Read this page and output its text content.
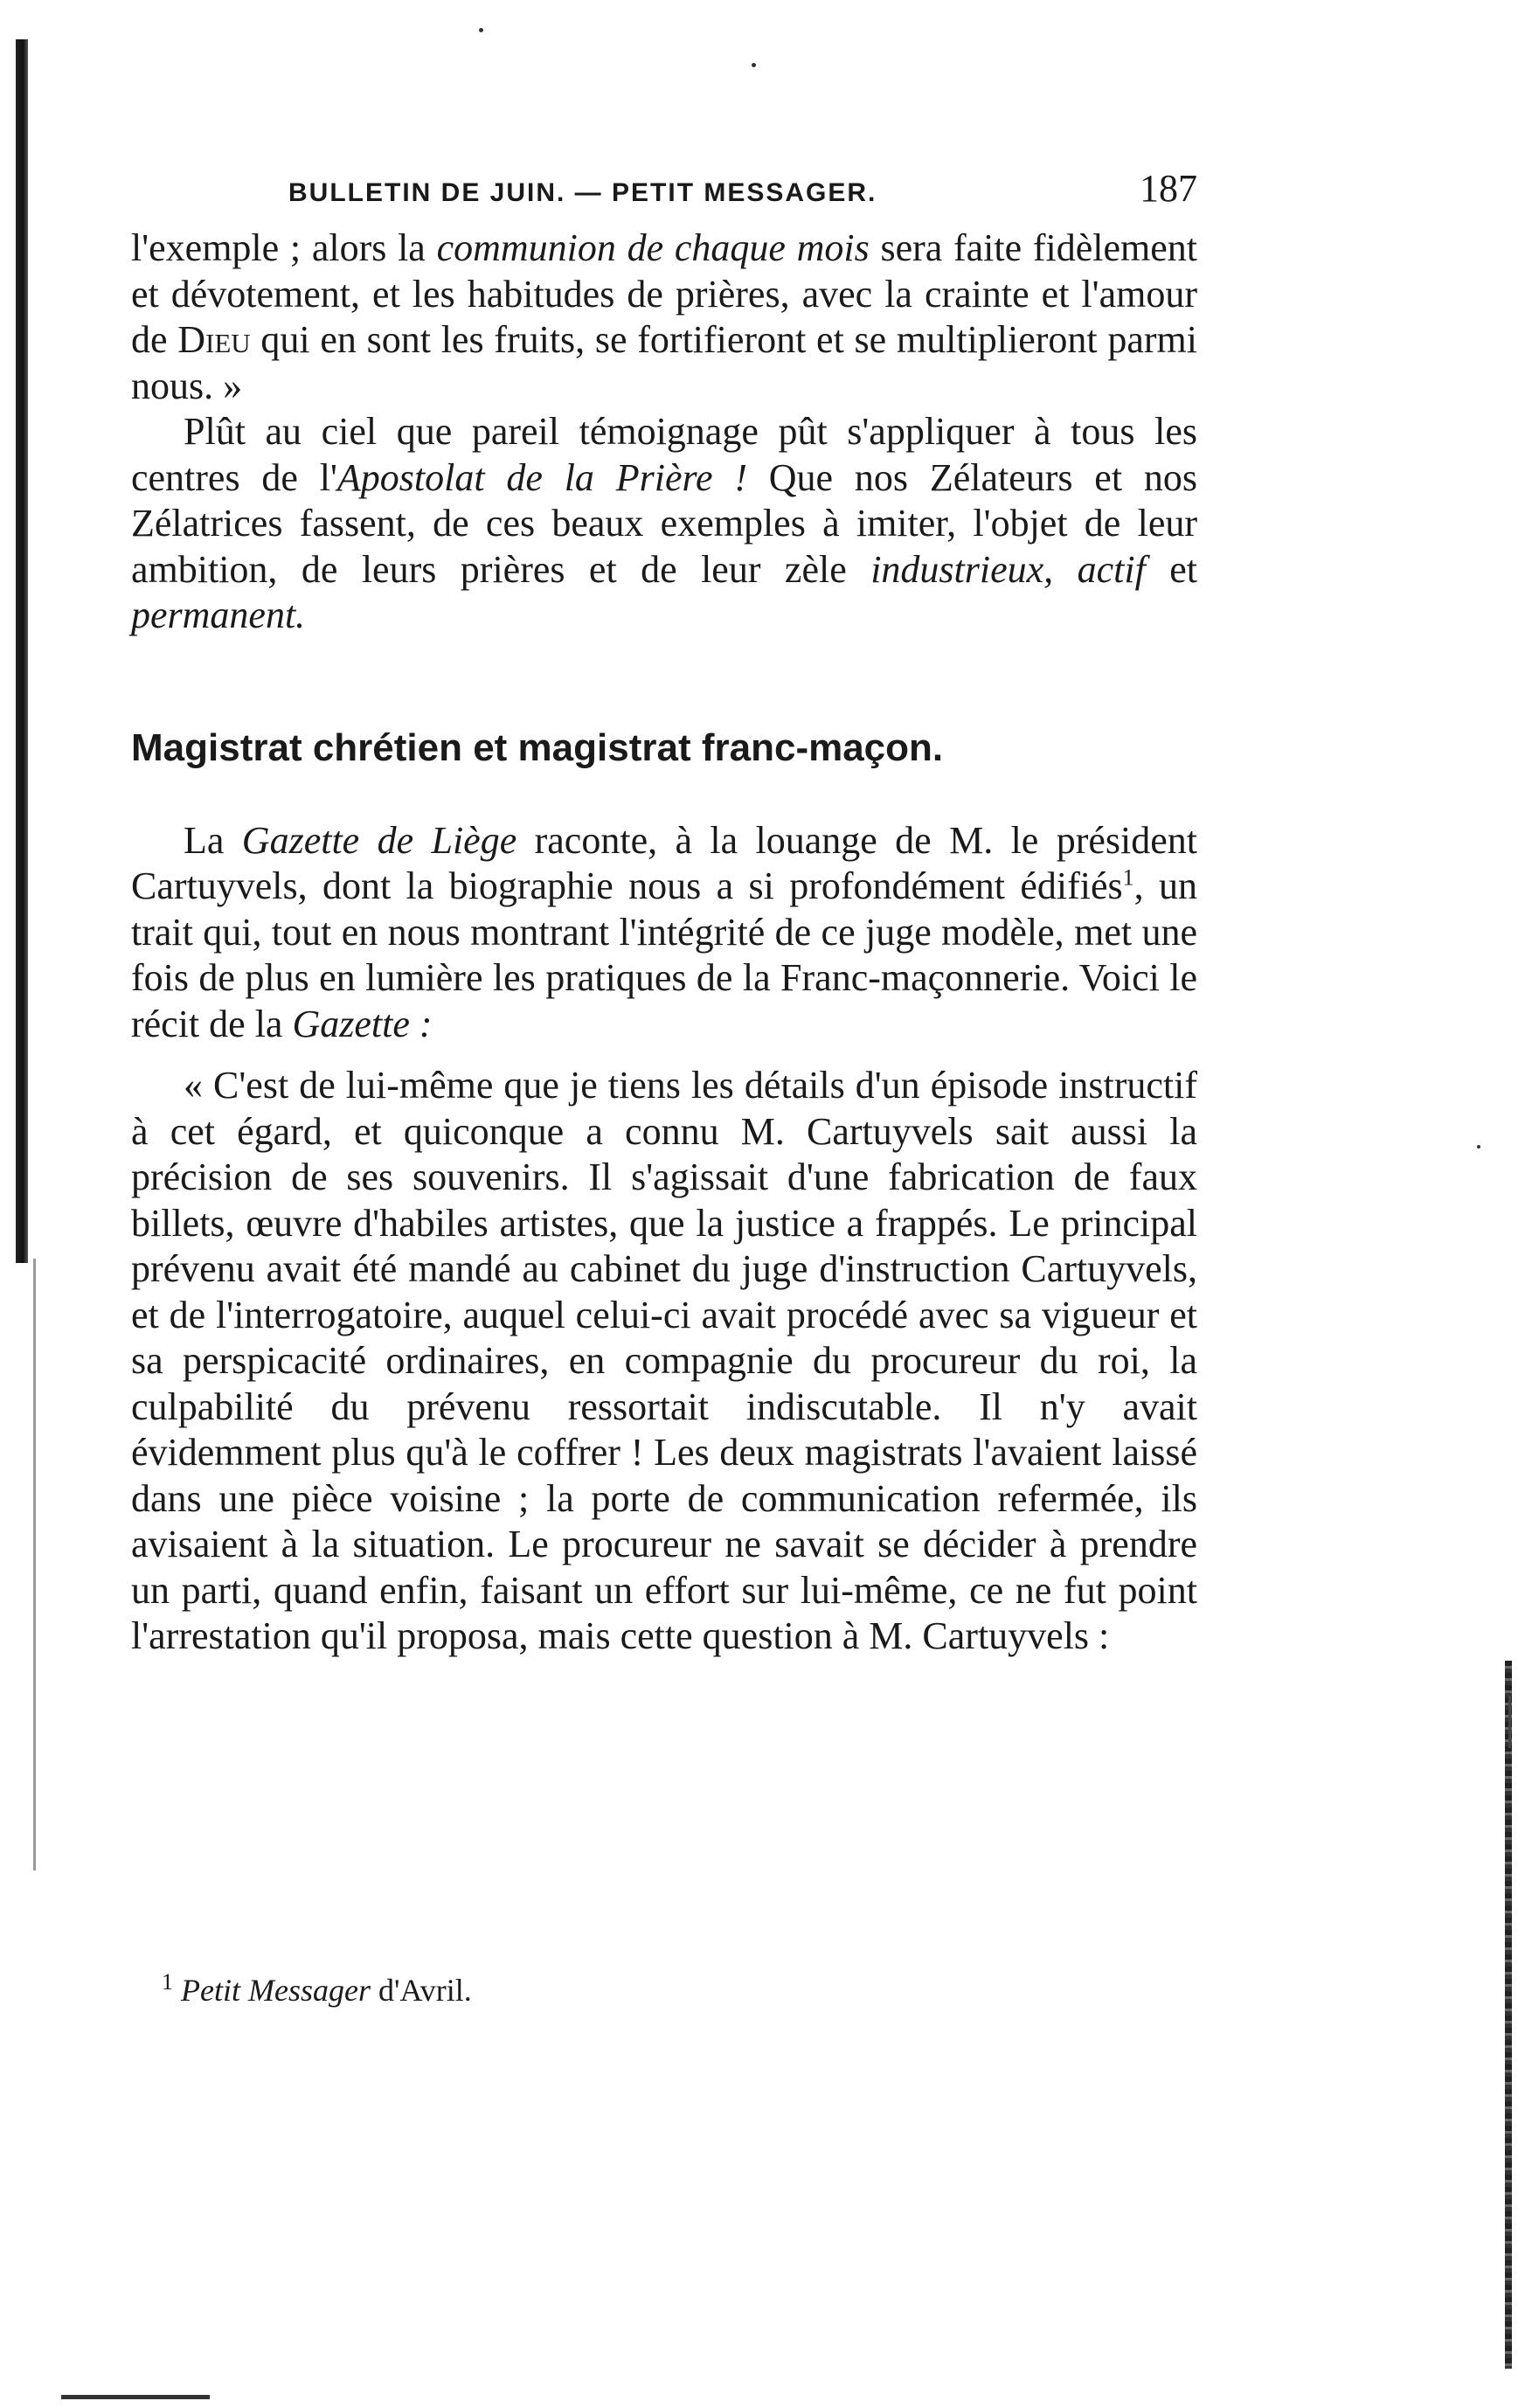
BULLETIN DE JUIN. — PETIT MESSAGER.	187

l'exemple ; alors la communion de chaque mois sera faite fidèlement et dévotement, et les habitudes de prières, avec la crainte et l'amour de Dieu qui en sont les fruits, se fortifieront et se multiplieront parmi nous. »

Plût au ciel que pareil témoignage pût s'appliquer à tous les centres de l'Apostolat de la Prière ! Que nos Zélateurs et nos Zélatrices fassent, de ces beaux exemples à imiter, l'objet de leur ambition, de leurs prières et de leur zèle industrieux, actif et permanent.

Magistrat chrétien et magistrat franc-maçon.

La Gazette de Liège raconte, à la louange de M. le président Cartuyvels, dont la biographie nous a si profondément édifiés$^1$, un trait qui, tout en nous montrant l'intégrité de ce juge modèle, met une fois de plus en lumière les pratiques de la Franc-maçonnerie. Voici le récit de la Gazette :

« C'est de lui-même que je tiens les détails d'un épisode instructif à cet égard, et quiconque a connu M. Cartuyvels sait aussi la précision de ses souvenirs. Il s'agissait d'une fabrication de faux billets, œuvre d'habiles artistes, que la justice a frappés. Le principal prévenu avait été mandé au cabinet du juge d'instruction Cartuyvels, et de l'interrogatoire, auquel celui-ci avait procédé avec sa vigueur et sa perspicacité ordinaires, en compagnie du procureur du roi, la culpabilité du prévenu ressortait indiscutable. Il n'y avait évidemment plus qu'à le coffrer ! Les deux magistrats l'avaient laissé dans une pièce voisine ; la porte de communication refermée, ils avisaient à la situation. Le procureur ne savait se décider à prendre un parti, quand enfin, faisant un effort sur lui-même, ce ne fut point l'arrestation qu'il proposa, mais cette question à M. Cartuyvels :

$^1$ Petit Messager d'Avril.
